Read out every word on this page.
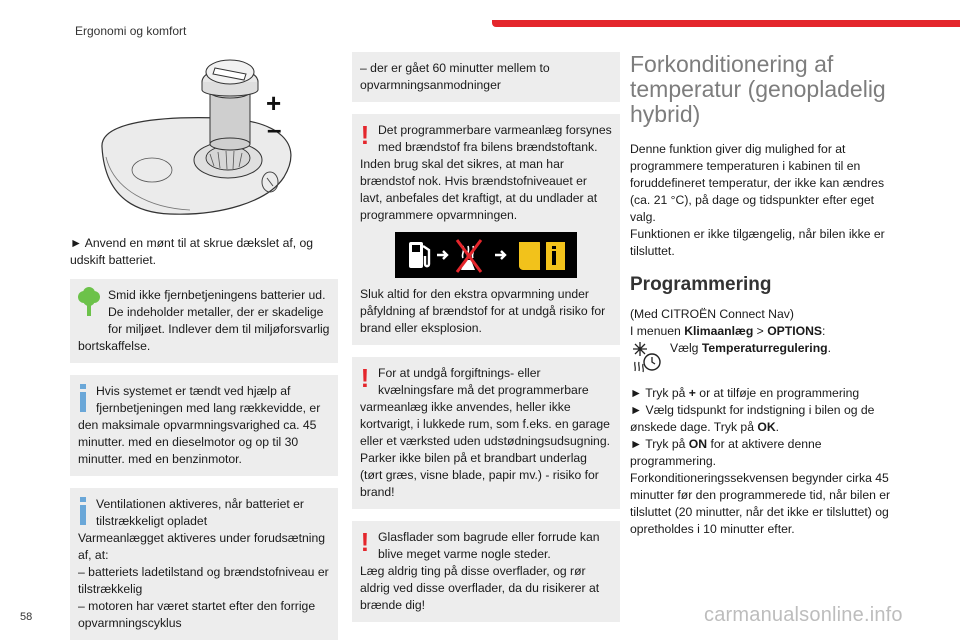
Ergonomi og komfort
+
–

► Anvend en mønt til at skrue dækslet af, og udskift batteriet.

Smid ikke fjernbetjeningens batterier ud. De indeholder metaller, der er skadelige for miljøet. Indlever dem til miljøforsvarlig bortskaffelse.

Hvis systemet er tændt ved hjælp af fjernbetjeningen med lang rækkevidde, er den maksimale opvarmningsvarighed ca. 45 minutter. med en dieselmotor og op til 30 minutter. med en benzinmotor.

Ventilationen aktiveres, når batteriet er tilstrækkeligt opladet

Varmeanlægget aktiveres under forudsætning af, at:

– batteriets ladetilstand og brændstofniveau er tilstrækkelig

– motoren har været startet efter den forrige opvarmningscyklus

– der er gået 60 minutter mellem to opvarmningsanmodninger

! Det programmerbare varmeanlæg forsynes med brændstof fra bilens brændstoftank. Inden brug skal det sikres, at man har brændstof nok. Hvis brændstofniveauet er lavt, anbefales det kraftigt, at du undlader at programmere opvarmningen.

Sluk altid for den ekstra opvarmning under påfyldning af brændstof for at undgå risiko for brand eller eksplosion.

! For at undgå forgiftnings- eller kvælningsfare må det programmerbare varmeanlæg ikke anvendes, heller ikke kortvarigt, i lukkede rum, som f.eks. en garage eller et værksted uden udstødningsudsugning.

Parker ikke bilen på et brandbart underlag (tørt græs, visne blade, papir mv.) - risiko for brand!

! Glasflader som bagrude eller forrude kan blive meget varme nogle steder.

Læg aldrig ting på disse overflader, og rør aldrig ved disse overflader, da du risikerer at brænde dig!

Forkonditionering af temperatur (genopladelig hybrid)

Denne funktion giver dig mulighed for at programmere temperaturen i kabinen til en foruddefineret temperatur, der ikke kan ændres (ca. 21 °C), på dage og tidspunkter efter eget valg.

Funktionen er ikke tilgængelig, når bilen ikke er tilsluttet.

Programmering

(Med CITROËN Connect Nav)

I menuen Klimaanlæg > OPTIONS:

Vælg Temperaturregulering.

► Tryk på + or at tilføje en programmering

► Vælg tidspunkt for indstigning i bilen og de ønskede dage. Tryk på OK.

► Tryk på ON for at aktivere denne programmering.

Forkonditioneringssekvensen begynder cirka 45 minutter før den programmerede tid, når bilen er tilsluttet (20 minutter, når det ikke er tilsluttet) og opretholdes i 10 minutter efter.

58	carmanualsonline.info
